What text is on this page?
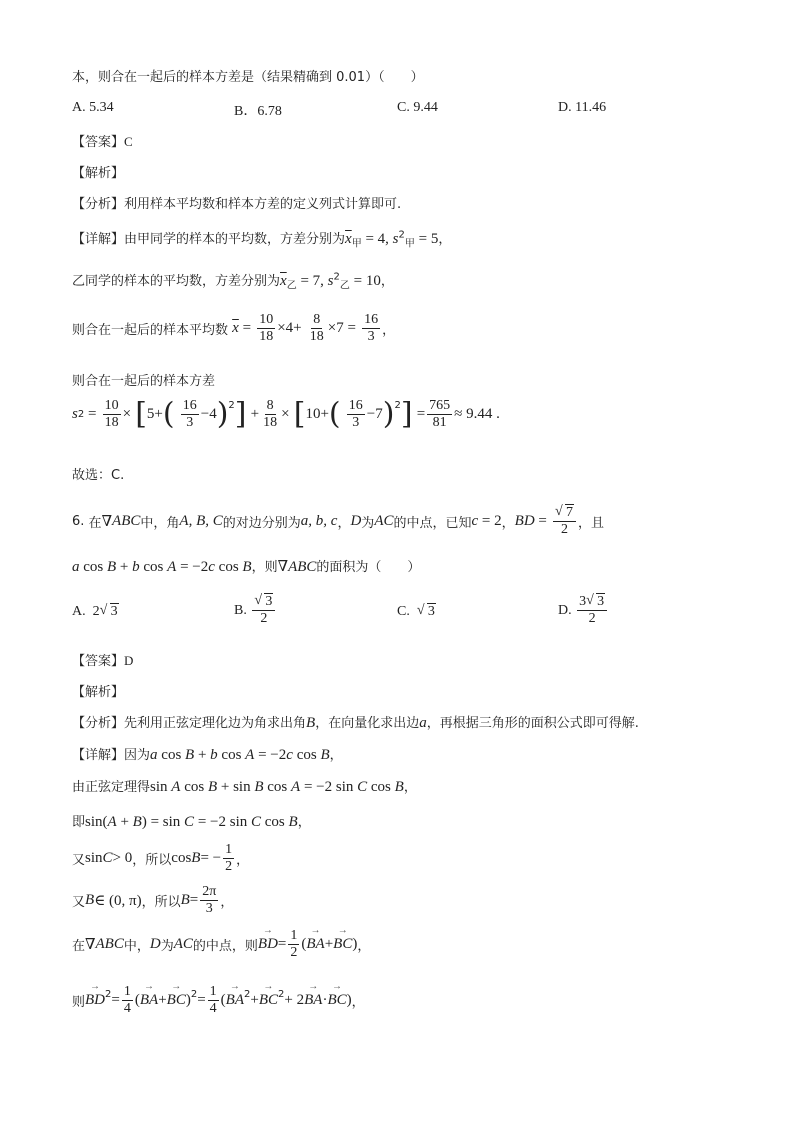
本，则合在一起后的样本方差是（结果精确到 0.01）（　　）
A. 5.34	B．6.78	C. 9.44	D. 11.46
【答案】C
【解析】
【分析】利用样本平均数和样本方差的定义列式计算即可.
【详解】由甲同学的样本的平均数，方差分别为$\overline{x}_甲 = 4$, $s^2_甲 = 5$，
乙同学的样本的平均数，方差分别为$\overline{x}_乙 = 7$, $s^2_乙 = 10$，
则合在一起后的样本平均数 $\overline{x} = \frac{10}{18} \times 4+ \frac{8}{18} \times 7 = \frac{16}{3}$ ，
则合在一起后的样本方差
$s2 = \frac{10}{18} \times [5+( \frac{16}{3} -4)2] + \frac{8}{18} \times [10+( \frac{16}{3} -7)2] = \frac{765}{81} \approx 9.44$ .
故选：C.
6. 在∇ABC中，角A, B, C的对边分别为a, b, c，D为AC的中点，已知c = 2，BD = √ $\frac{7}{2}$ ，且
a cos B + b cos A = −2c cos B，则∇ABC的面积为（　　）
A.  2 √ 3	B. √ $\frac{3}{2}$	C. √ 3	D. $\frac{3 √ 3}{2}$
【答案】D
【解析】
【分析】先利用正弦定理化边为角求出角B，在向量化求出边a，再根据三角形的面积公式即可得解.
【详解】因为a cos B + b cos A = −2c cos B，
由正弦定理得sin A cos B + sin B cos A = −2 sin C cos B，
即sin(A + B) = sin C = −2 sin C cos B，
又sinC> 0，所以$\cos B= - \frac{1}{2}$ ，
又B∈ (0, π)，所以$B= \frac{2\pi}{3}$ ，
在∇ABC中，D为AC的中点，则→ $BD= \frac{1}{2}$ (→ BA+→ BC)，
则→ $BD2= \frac{1}{4}$ (→ $BA+\to BC)2= \frac{1}{4}$ (→ BA2+→ BC2+ 2→ BA·→ BC)，
